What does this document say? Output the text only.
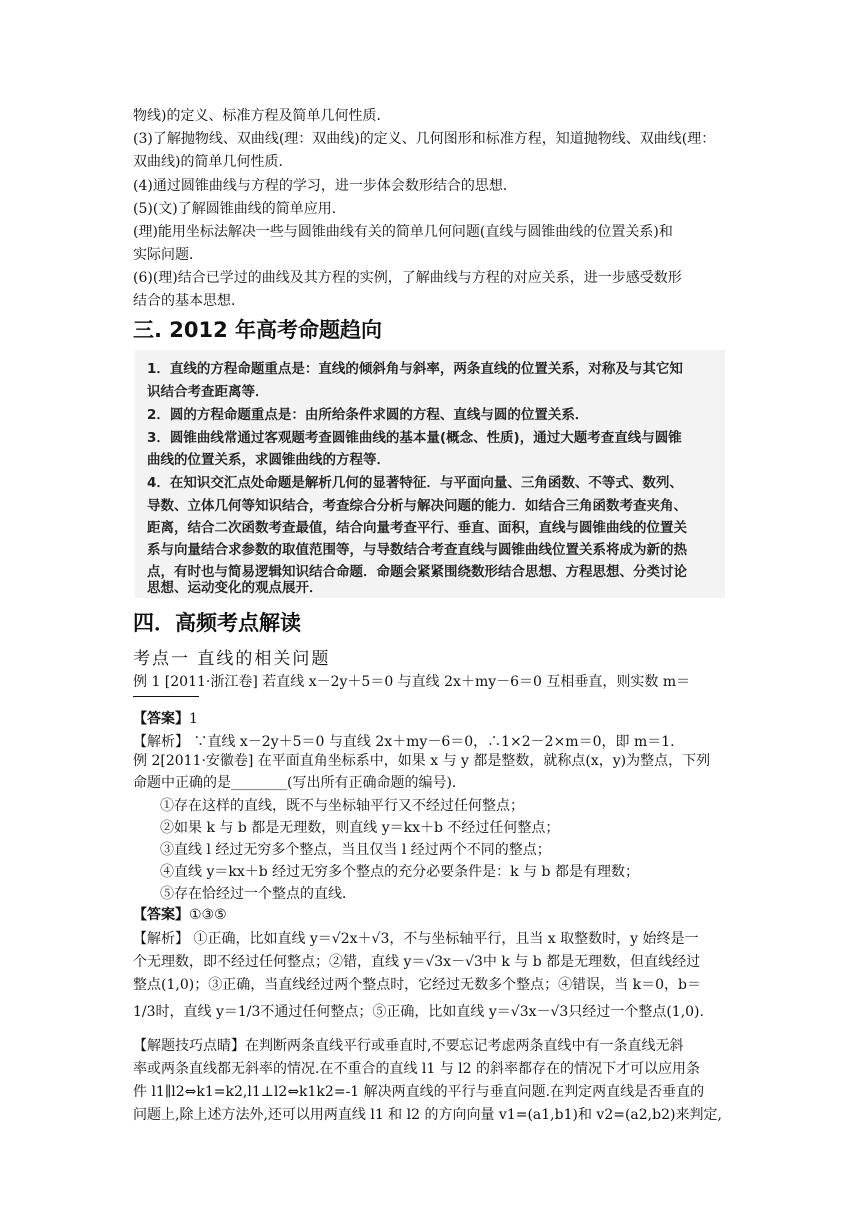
物线)的定义、标准方程及简单几何性质．
(3)了解抛物线、双曲线(理：双曲线)的定义、几何图形和标准方程，知道抛物线、双曲线(理：
双曲线)的简单几何性质．
(4)通过圆锥曲线与方程的学习，进一步体会数形结合的思想．
(5)(文)了解圆锥曲线的简单应用．
(理)能用坐标法解决一些与圆锥曲线有关的简单几何问题(直线与圆锥曲线的位置关系)和
实际问题．
(6)(理)结合已学过的曲线及其方程的实例，了解曲线与方程的对应关系，进一步感受数形
结合的基本思想．
三. 2012 年高考命题趋向
1．直线的方程命题重点是：直线的倾斜角与斜率，两条直线的位置关系，对称及与其它知
识结合考查距离等．
2．圆的方程命题重点是：由所给条件求圆的方程、直线与圆的位置关系．
3．圆锥曲线常通过客观题考查圆锥曲线的基本量(概念、性质)，通过大题考查直线与圆锥
曲线的位置关系，求圆锥曲线的方程等．
4．在知识交汇点处命题是解析几何的显著特征．与平面向量、三角函数、不等式、数列、
导数、立体几何等知识结合，考查综合分析与解决问题的能力．如结合三角函数考查夹角、
距离，结合二次函数考查最值，结合向量考查平行、垂直、面积，直线与圆锥曲线的位置关
系与向量结合求参数的取值范围等，与导数结合考查直线与圆锥曲线位置关系将成为新的热
点，有时也与简易逻辑知识结合命题．命题会紧紧围绕数形结合思想、方程思想、分类讨论
思想、运动变化的观点展开．
四．高频考点解读
考点一 直线的相关问题
例 1 [2011·浙江卷] 若直线 x－2y＋5＝0 与直线 2x＋my－6＝0 互相垂直，则实数 m＝
【答案】1
【解析】 ∵直线 x－2y＋5＝0 与直线 2x＋my－6＝0，∴1×2－2×m＝0，即 m＝1.
例 2[2011·安徽卷] 在平面直角坐标系中，如果 x 与 y 都是整数，就称点(x，y)为整点，下列
命题中正确的是________(写出所有正确命题的编号)．
①存在这样的直线，既不与坐标轴平行又不经过任何整点；
②如果 k 与 b 都是无理数，则直线 y＝kx＋b 不经过任何整点；
③直线 l 经过无穷多个整点，当且仅当 l 经过两个不同的整点；
④直线 y＝kx＋b 经过无穷多个整点的充分必要条件是：k 与 b 都是有理数；
⑤存在恰经过一个整点的直线．
【答案】①③⑤
【解析】 ①正确，比如直线 y＝√2x＋√3，不与坐标轴平行，且当 x 取整数时，y 始终是一
个无理数，即不经过任何整点；②错，直线 y＝√3x－√3中 k 与 b 都是无理数，但直线经过
整点(1,0)；③正确，当直线经过两个整点时，它经过无数多个整点；④错误，当 k＝0，b＝
1/3时，直线 y＝1/3不通过任何整点；⑤正确，比如直线 y＝√3x－√3只经过一个整点(1,0).
【解题技巧点睛】在判断两条直线平行或垂直时,不要忘记考虑两条直线中有一条直线无斜
率或两条直线都无斜率的情况.在不重合的直线 l1 与 l2 的斜率都存在的情况下才可以应用条
件 l1∥l2⇔k1=k2,l1⊥l2⇔k1k2=-1 解决两直线的平行与垂直问题.在判定两直线是否垂直的
问题上,除上述方法外,还可以用两直线 l1 和 l2 的方向向量 v1=(a1,b1)和 v2=(a2,b2)来判定,
